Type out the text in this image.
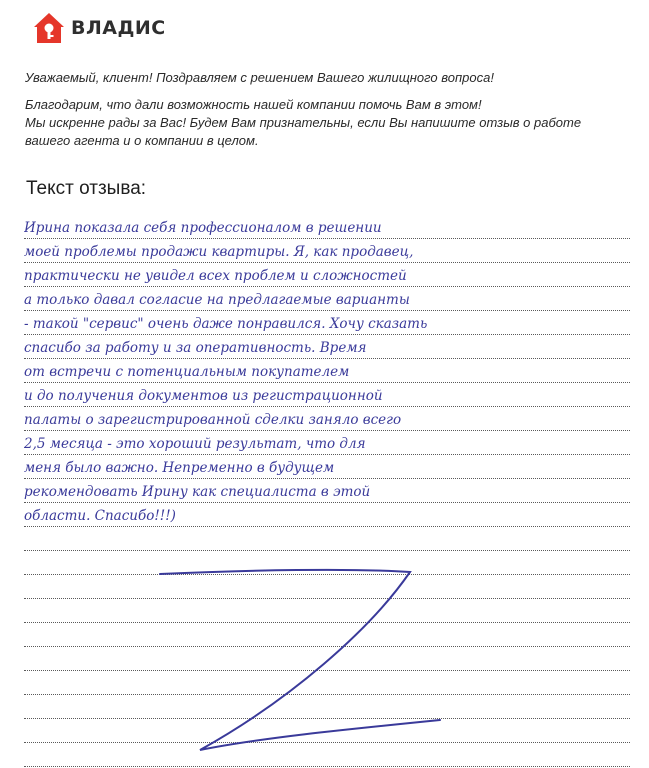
ВЛАДИС

Уважаемый, клиент! Поздравляем с решением Вашего жилищного вопроса!

Благодарим, что дали возможность нашей компании помочь Вам в этом!

Мы искренне рады за Вас! Будем Вам признательны, если Вы напишите отзыв о работе

вашего агента и о компании в целом.

Текст отзыва:
Ирина показала себя профессионалом в решении
моей проблемы продажи квартиры. Я, как продавец,
практически не увидел всех проблем и сложностей
а только давал согласие на предлагаемые варианты
- такой "сервис" очень даже понравился. Хочу сказать
спасибо за работу и за оперативность. Время
от встречи с потенциальным покупателем
и до получения документов из регистрационной
палаты о зарегистрированной сделки заняло всего
2,5 месяца - это хороший результат, что для
меня было важно. Непременно в будущем
рекомендовать Ирину как специалиста в этой
области. Спасибо!!!)
